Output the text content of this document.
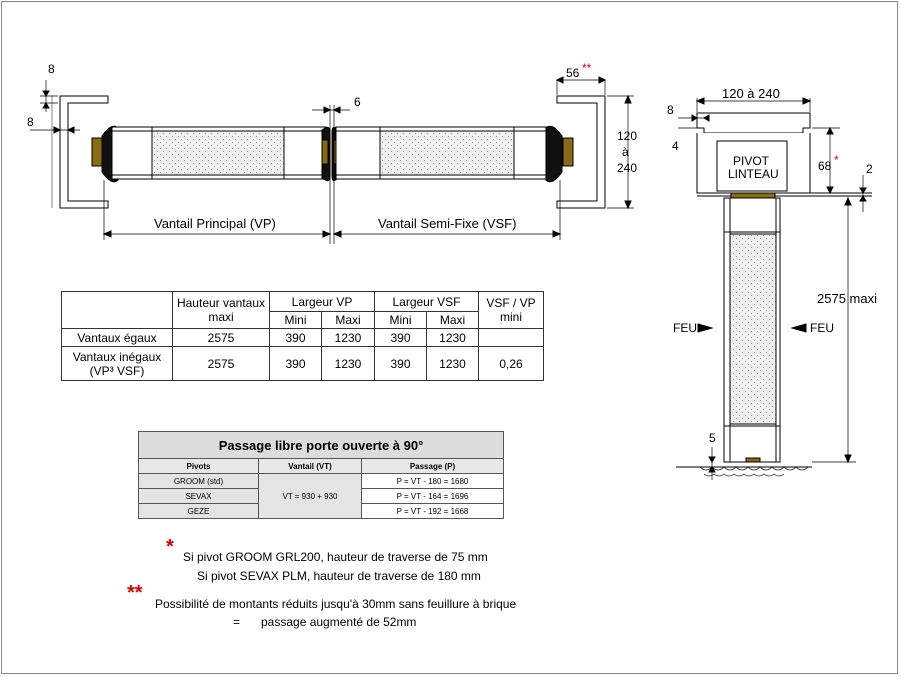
8
8
6
56 **
120
à
240
Vantail Principal (VP)	Vantail Semi-Fixe (VSF)
120 à 240
8
4
68 *
2
PIVOT
LINTEAU
2575 maxi
FEU	FEU
5
	Hauteur vantaux maxi	Largeur VP		Largeur VSF		VSF / VP mini
		Mini	Maxi	Mini	Maxi	
Vantaux égaux	2575	390	1230	390	1230	
Vantaux inégaux (VP³ VSF)	2575	390	1230	390	1230	0,26
Passage libre porte ouverte à 90°		
Pivots	Vantail (VT)	Passage (P)
GROOM (std)	VT = 930 + 930	P = VT - 180 = 1680
SEVAX		P = VT - 164 = 1696
GEZE		P = VT - 192 = 1668
* Si pivot GROOM GRL200, hauteur de traverse de 75 mm
Si pivot SEVAX PLM, hauteur de traverse de 180 mm
** Possibilité de montants réduits jusqu'à 30mm sans feuillure à brique
= passage augmenté de 52mm
